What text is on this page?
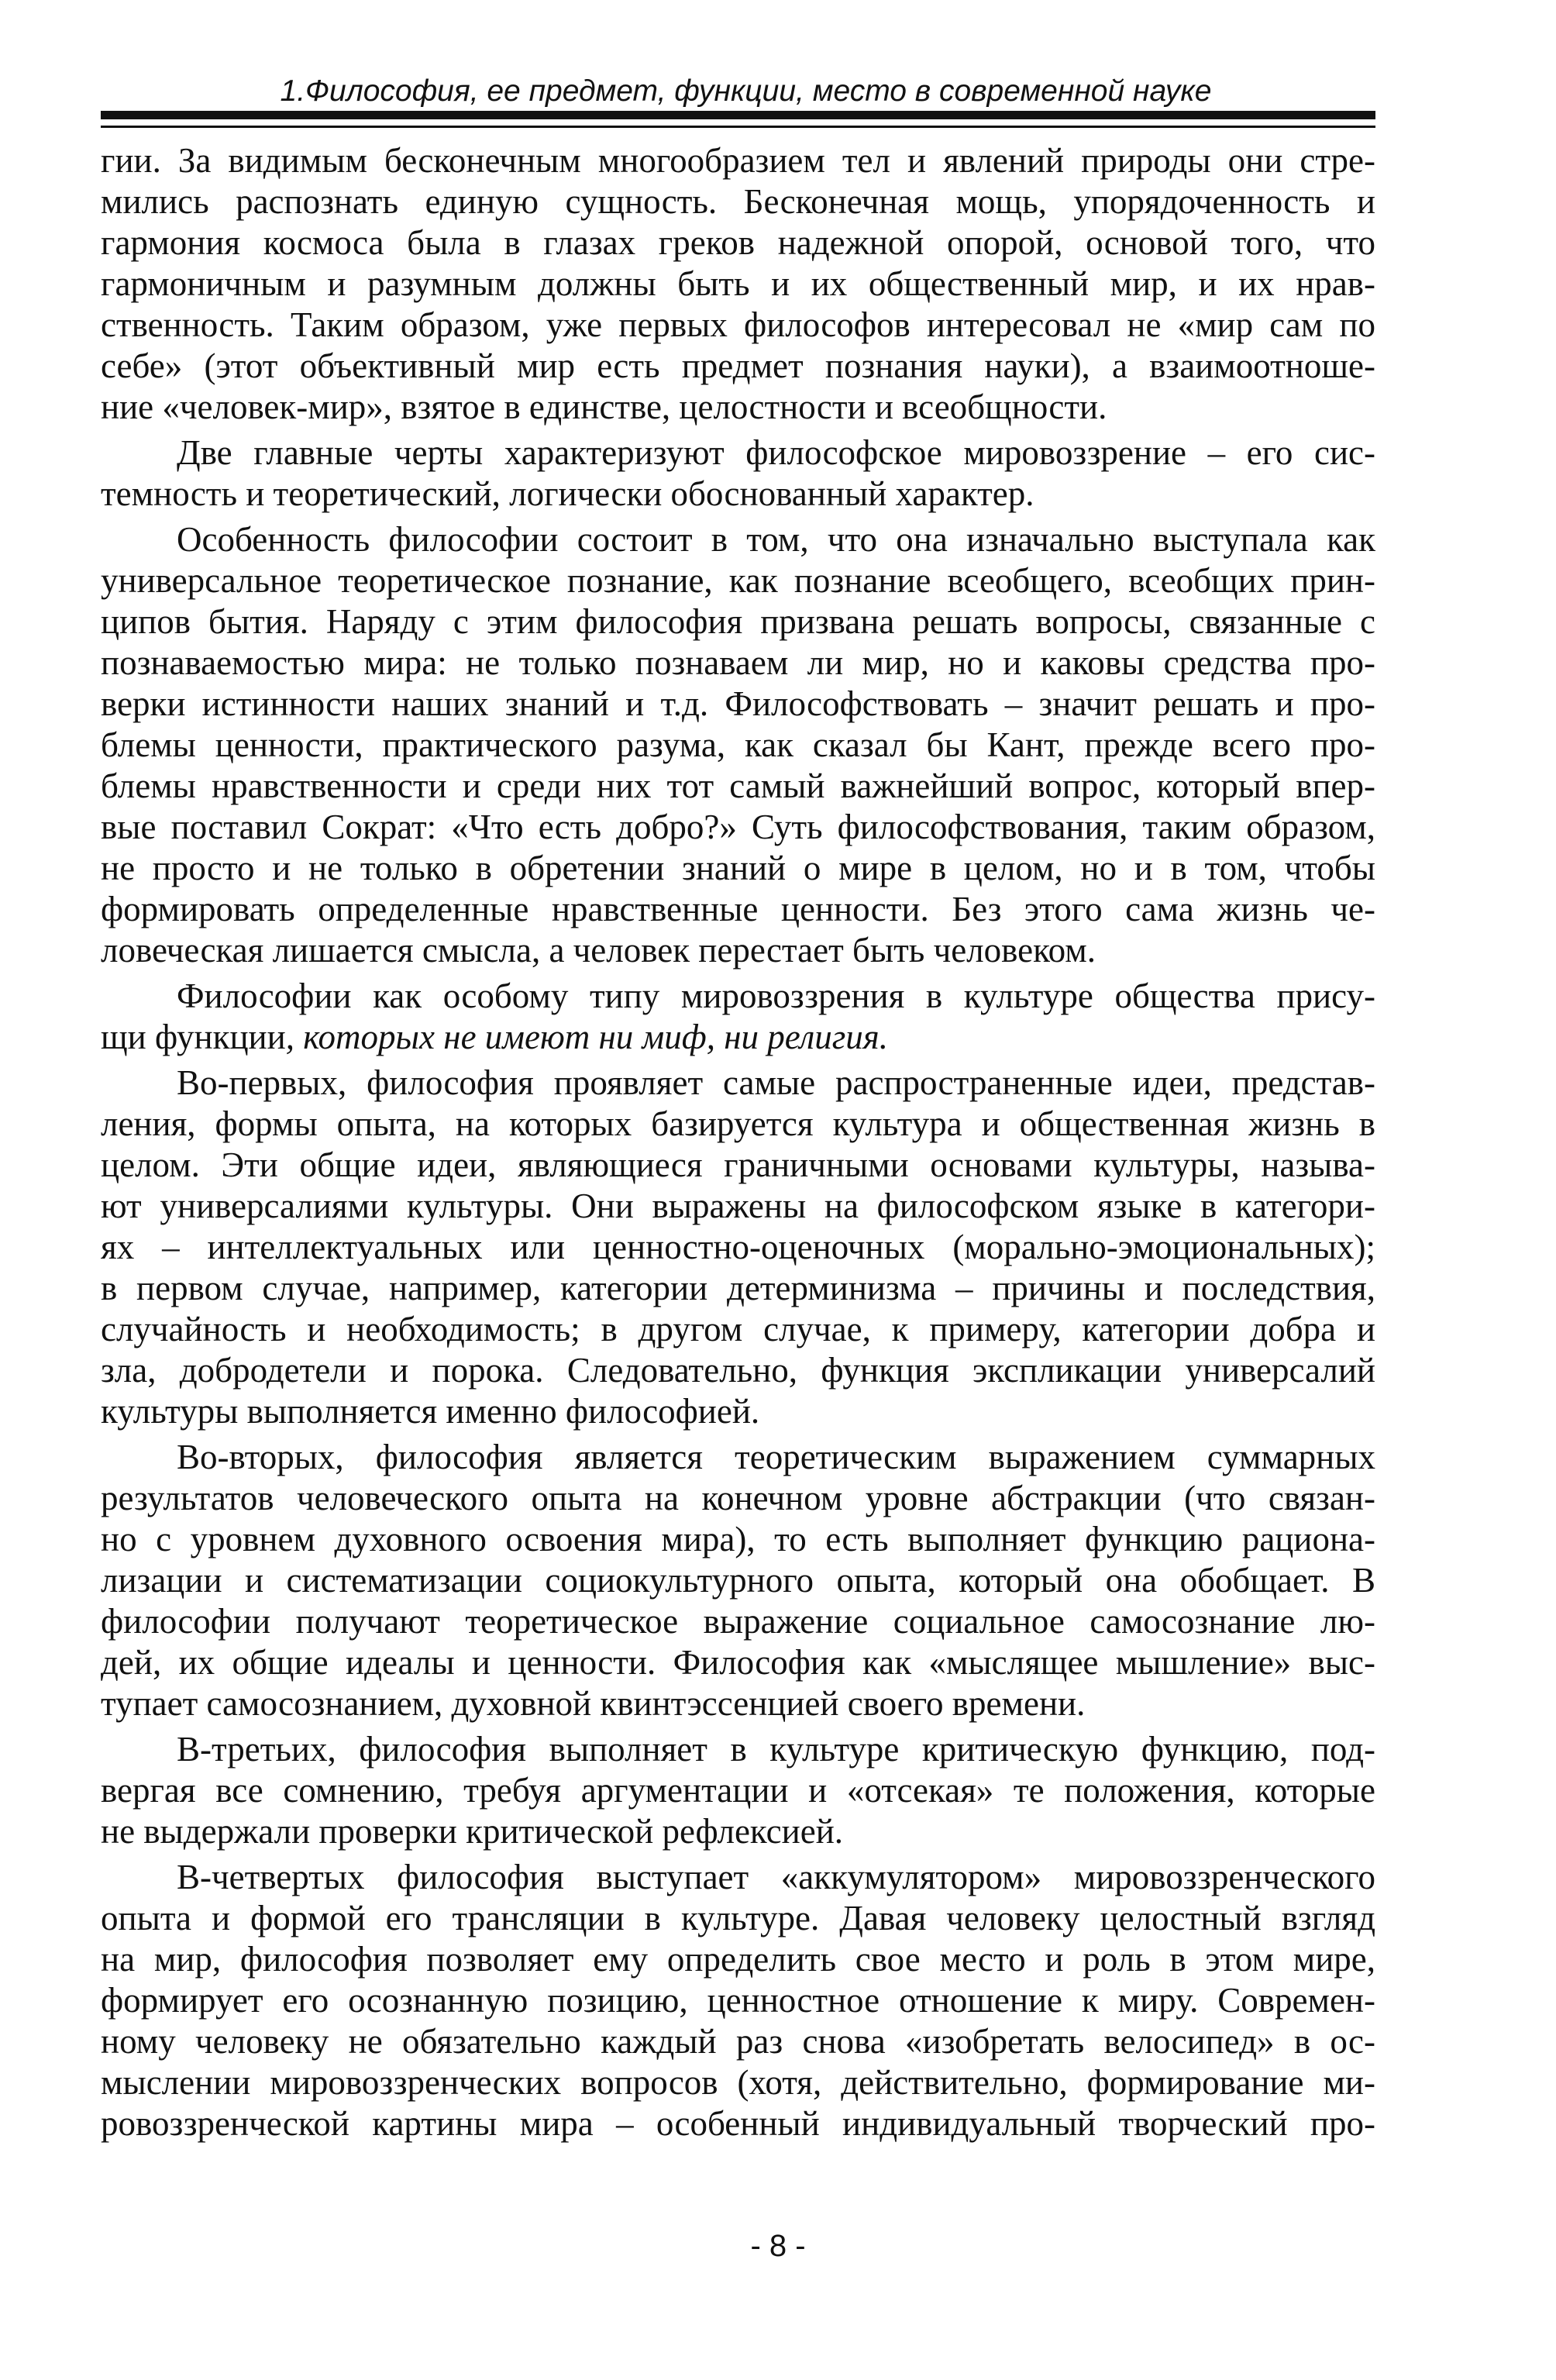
1.Философия, ее предмет, функции, место в современной науке
гии. За видимым бесконечным многообразием тел и явлений природы они стре-
мились распознать единую сущность. Бесконечная мощь, упорядоченность и
гармония космоса была в глазах греков надежной опорой, основой того, что
гармоничным и разумным должны быть и их общественный мир, и их нрав-
ственность. Таким образом, уже первых философов интересовал не «мир сам по
себе» (этот объективный мир есть предмет познания науки), а взаимоотноше-
ние «человек-мир», взятое в единстве, целостности и всеобщности.
Две главные черты характеризуют философское мировоззрение – его сис-
темность и теоретический, логически обоснованный характер.
Особенность философии состоит в том, что она изначально выступала как
универсальное теоретическое познание, как познание всеобщего, всеобщих прин-
ципов бытия. Наряду с этим философия призвана решать вопросы, связанные с
познаваемостью мира: не только познаваем ли мир, но и каковы средства про-
верки истинности наших знаний и т.д. Философствовать – значит решать и про-
блемы ценности, практического разума, как сказал бы Кант, прежде всего про-
блемы нравственности и среди них тот самый важнейший вопрос, который впер-
вые поставил Сократ: «Что есть добро?» Суть философствования, таким образом,
не просто и не только в обретении знаний о мире в целом, но и в том, чтобы
формировать определенные нравственные ценности. Без этого сама жизнь че-
ловеческая лишается смысла, а человек перестает быть человеком.
Философии как особому типу мировоззрения в культуре общества прису-
щи функции, которых не имеют ни миф, ни религия.
Во-первых, философия проявляет самые распространенные идеи, представ-
ления, формы опыта, на которых базируется культура и общественная жизнь в
целом. Эти общие идеи, являющиеся граничными основами культуры, называ-
ют универсалиями культуры. Они выражены на философском языке в категори-
ях – интеллектуальных или ценностно-оценочных (морально-эмоциональных);
в первом случае, например, категории детерминизма – причины и последствия,
случайность и необходимость; в другом случае, к примеру, категории добра и
зла, добродетели и порока. Следовательно, функция экспликации универсалий
культуры выполняется именно философией.
Во-вторых, философия является теоретическим выражением суммарных
результатов человеческого опыта на конечном уровне абстракции (что связан-
но с уровнем духовного освоения мира), то есть выполняет функцию рациона-
лизации и систематизации социокультурного опыта, который она обобщает. В
философии получают теоретическое выражение социальное самосознание лю-
дей, их общие идеалы и ценности. Философия как «мыслящее мышление» выс-
тупает самосознанием, духовной квинтэссенцией своего времени.
В-третьих, философия выполняет в культуре критическую функцию, под-
вергая все сомнению, требуя аргументации и «отсекая» те положения, которые
не выдержали проверки критической рефлексией.
В-четвертых философия выступает «аккумулятором» мировоззренческого
опыта и формой его трансляции в культуре. Давая человеку целостный взгляд
на мир, философия позволяет ему определить свое место и роль в этом мире,
формирует его осознанную позицию, ценностное отношение к миру. Современ-
ному человеку не обязательно каждый раз снова «изобретать велосипед» в ос-
мыслении мировоззренческих вопросов (хотя, действительно, формирование ми-
ровоззренческой картины мира – особенный индивидуальный творческий про-
- 8 -
